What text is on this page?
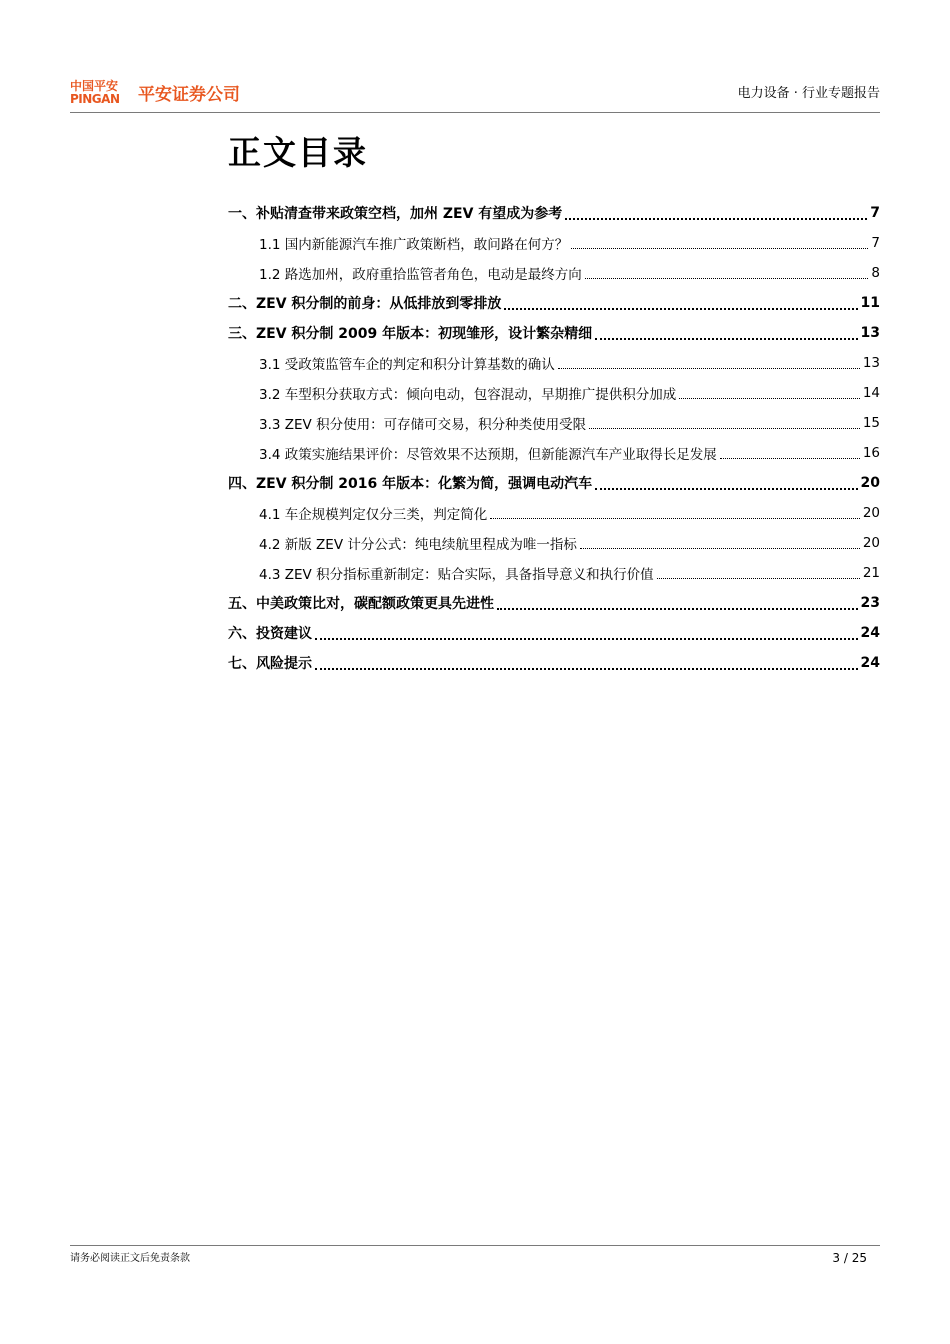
中国平安
PINGAN 平安证券公司	电力设备 · 行业专题报告
正文目录
一、补贴清查带来政策空档，加州 ZEV 有望成为参考	7
1.1 国内新能源汽车推广政策断档，敢问路在何方？	7
1.2 路选加州，政府重拾监管者角色，电动是最终方向	8
二、ZEV 积分制的前身：从低排放到零排放	11
三、ZEV 积分制 2009 年版本：初现雏形，设计繁杂精细	13
3.1 受政策监管车企的判定和积分计算基数的确认	13
3.2 车型积分获取方式：倾向电动，包容混动，早期推广提供积分加成	14
3.3 ZEV 积分使用：可存储可交易，积分种类使用受限	15
3.4 政策实施结果评价：尽管效果不达预期，但新能源汽车产业取得长足发展	16
四、ZEV 积分制 2016 年版本：化繁为简，强调电动汽车	20
4.1 车企规模判定仅分三类，判定简化	20
4.2 新版 ZEV 计分公式：纯电续航里程成为唯一指标	20
4.3 ZEV 积分指标重新制定：贴合实际，具备指导意义和执行价值	21
五、中美政策比对，碳配额政策更具先进性	23
六、投资建议	24
七、风险提示	24
请务必阅读正文后免责条款	3 / 25
